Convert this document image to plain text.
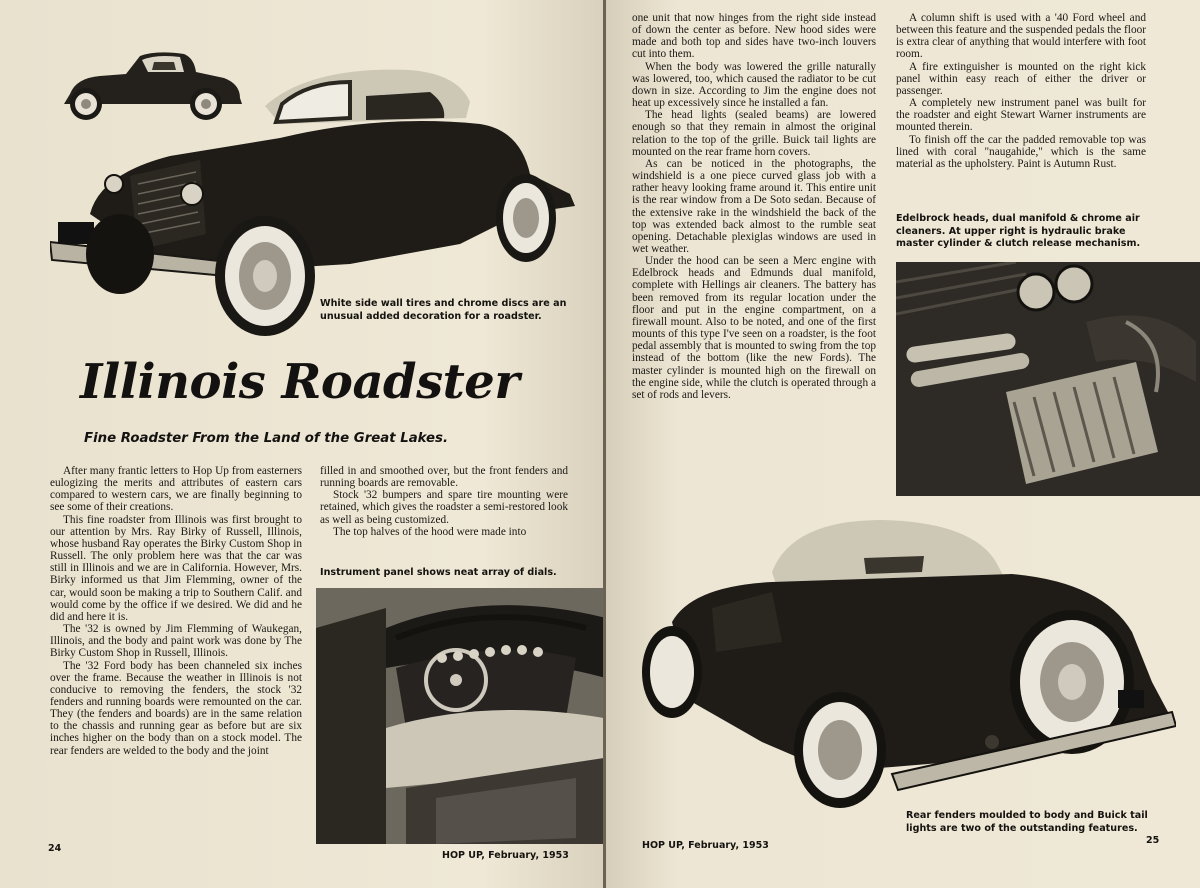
White side wall tires and chrome discs are an unusual added decoration for a roadster.

Illinois Roadster
Fine Roadster From the Land of the Great Lakes.

After many frantic letters to Hop Up from easterners eulogizing the merits and attributes of eastern cars compared to western cars, we are finally beginning to see some of their creations.

This fine roadster from Illinois was first brought to our attention by Mrs. Ray Birky of Russell, Illinois, whose husband Ray operates the Birky Custom Shop in Russell. The only problem here was that the car was still in Illinois and we are in California. However, Mrs. Birky informed us that Jim Flemming, owner of the car, would soon be making a trip to Southern Calif. and would come by the office if we desired. We did and he did and here it is.

The '32 is owned by Jim Flemming of Waukegan, Illinois, and the body and paint work was done by The Birky Custom Shop in Russell, Illinois.

The '32 Ford body has been channeled six inches over the frame. Because the weather in Illinois is not conducive to removing the fenders, the stock '32 fenders and running boards were remounted on the car. They (the fenders and boards) are in the same relation to the chassis and running gear as before but are six inches higher on the body than on a stock model. The rear fenders are welded to the body and the joint

filled in and smoothed over, but the front fenders and running boards are removable.

Stock '32 bumpers and spare tire mounting were retained, which gives the roadster a semi-restored look as well as being customized.

The top halves of the hood were made into

Instrument panel shows neat array of dials.

24

HOP UP, February, 1953

one unit that now hinges from the right side instead of down the center as before. New hood sides were made and both top and sides have two-inch louvers cut into them.

When the body was lowered the grille naturally was lowered, too, which caused the radiator to be cut down in size. According to Jim the engine does not heat up excessively since he installed a fan.

The head lights (sealed beams) are lowered enough so that they remain in almost the original relation to the top of the grille. Buick tail lights are mounted on the rear frame horn covers.

As can be noticed in the photographs, the windshield is a one piece curved glass job with a rather heavy looking frame around it. This entire unit is the rear window from a De Soto sedan. Because of the extensive rake in the windshield the back of the top was extended back almost to the rumble seat opening. Detachable plexiglas windows are used in wet weather.

Under the hood can be seen a Merc engine with Edelbrock heads and Edmunds dual manifold, complete with Hellings air cleaners. The battery has been removed from its regular location under the floor and put in the engine compartment, on a firewall mount. Also to be noted, and one of the first mounts of this type I've seen on a roadster, is the foot pedal assembly that is mounted to swing from the top instead of the bottom (like the new Fords). The master cylinder is mounted high on the firewall on the engine side, while the clutch is operated through a set of rods and levers.

A column shift is used with a '40 Ford wheel and between this feature and the suspended pedals the floor is extra clear of anything that would interfere with foot room.

A fire extinguisher is mounted on the right kick panel within easy reach of either the driver or passenger.

A completely new instrument panel was built for the roadster and eight Stewart Warner instruments are mounted therein.

To finish off the car the padded removable top was lined with coral "naugahide," which is the same material as the upholstery. Paint is Autumn Rust.

Edelbrock heads, dual manifold & chrome air cleaners. At upper right is hydraulic brake master cylinder & clutch release mechanism.

Rear fenders moulded to body and Buick tail lights are two of the outstanding features.

HOP UP, February, 1953	25
